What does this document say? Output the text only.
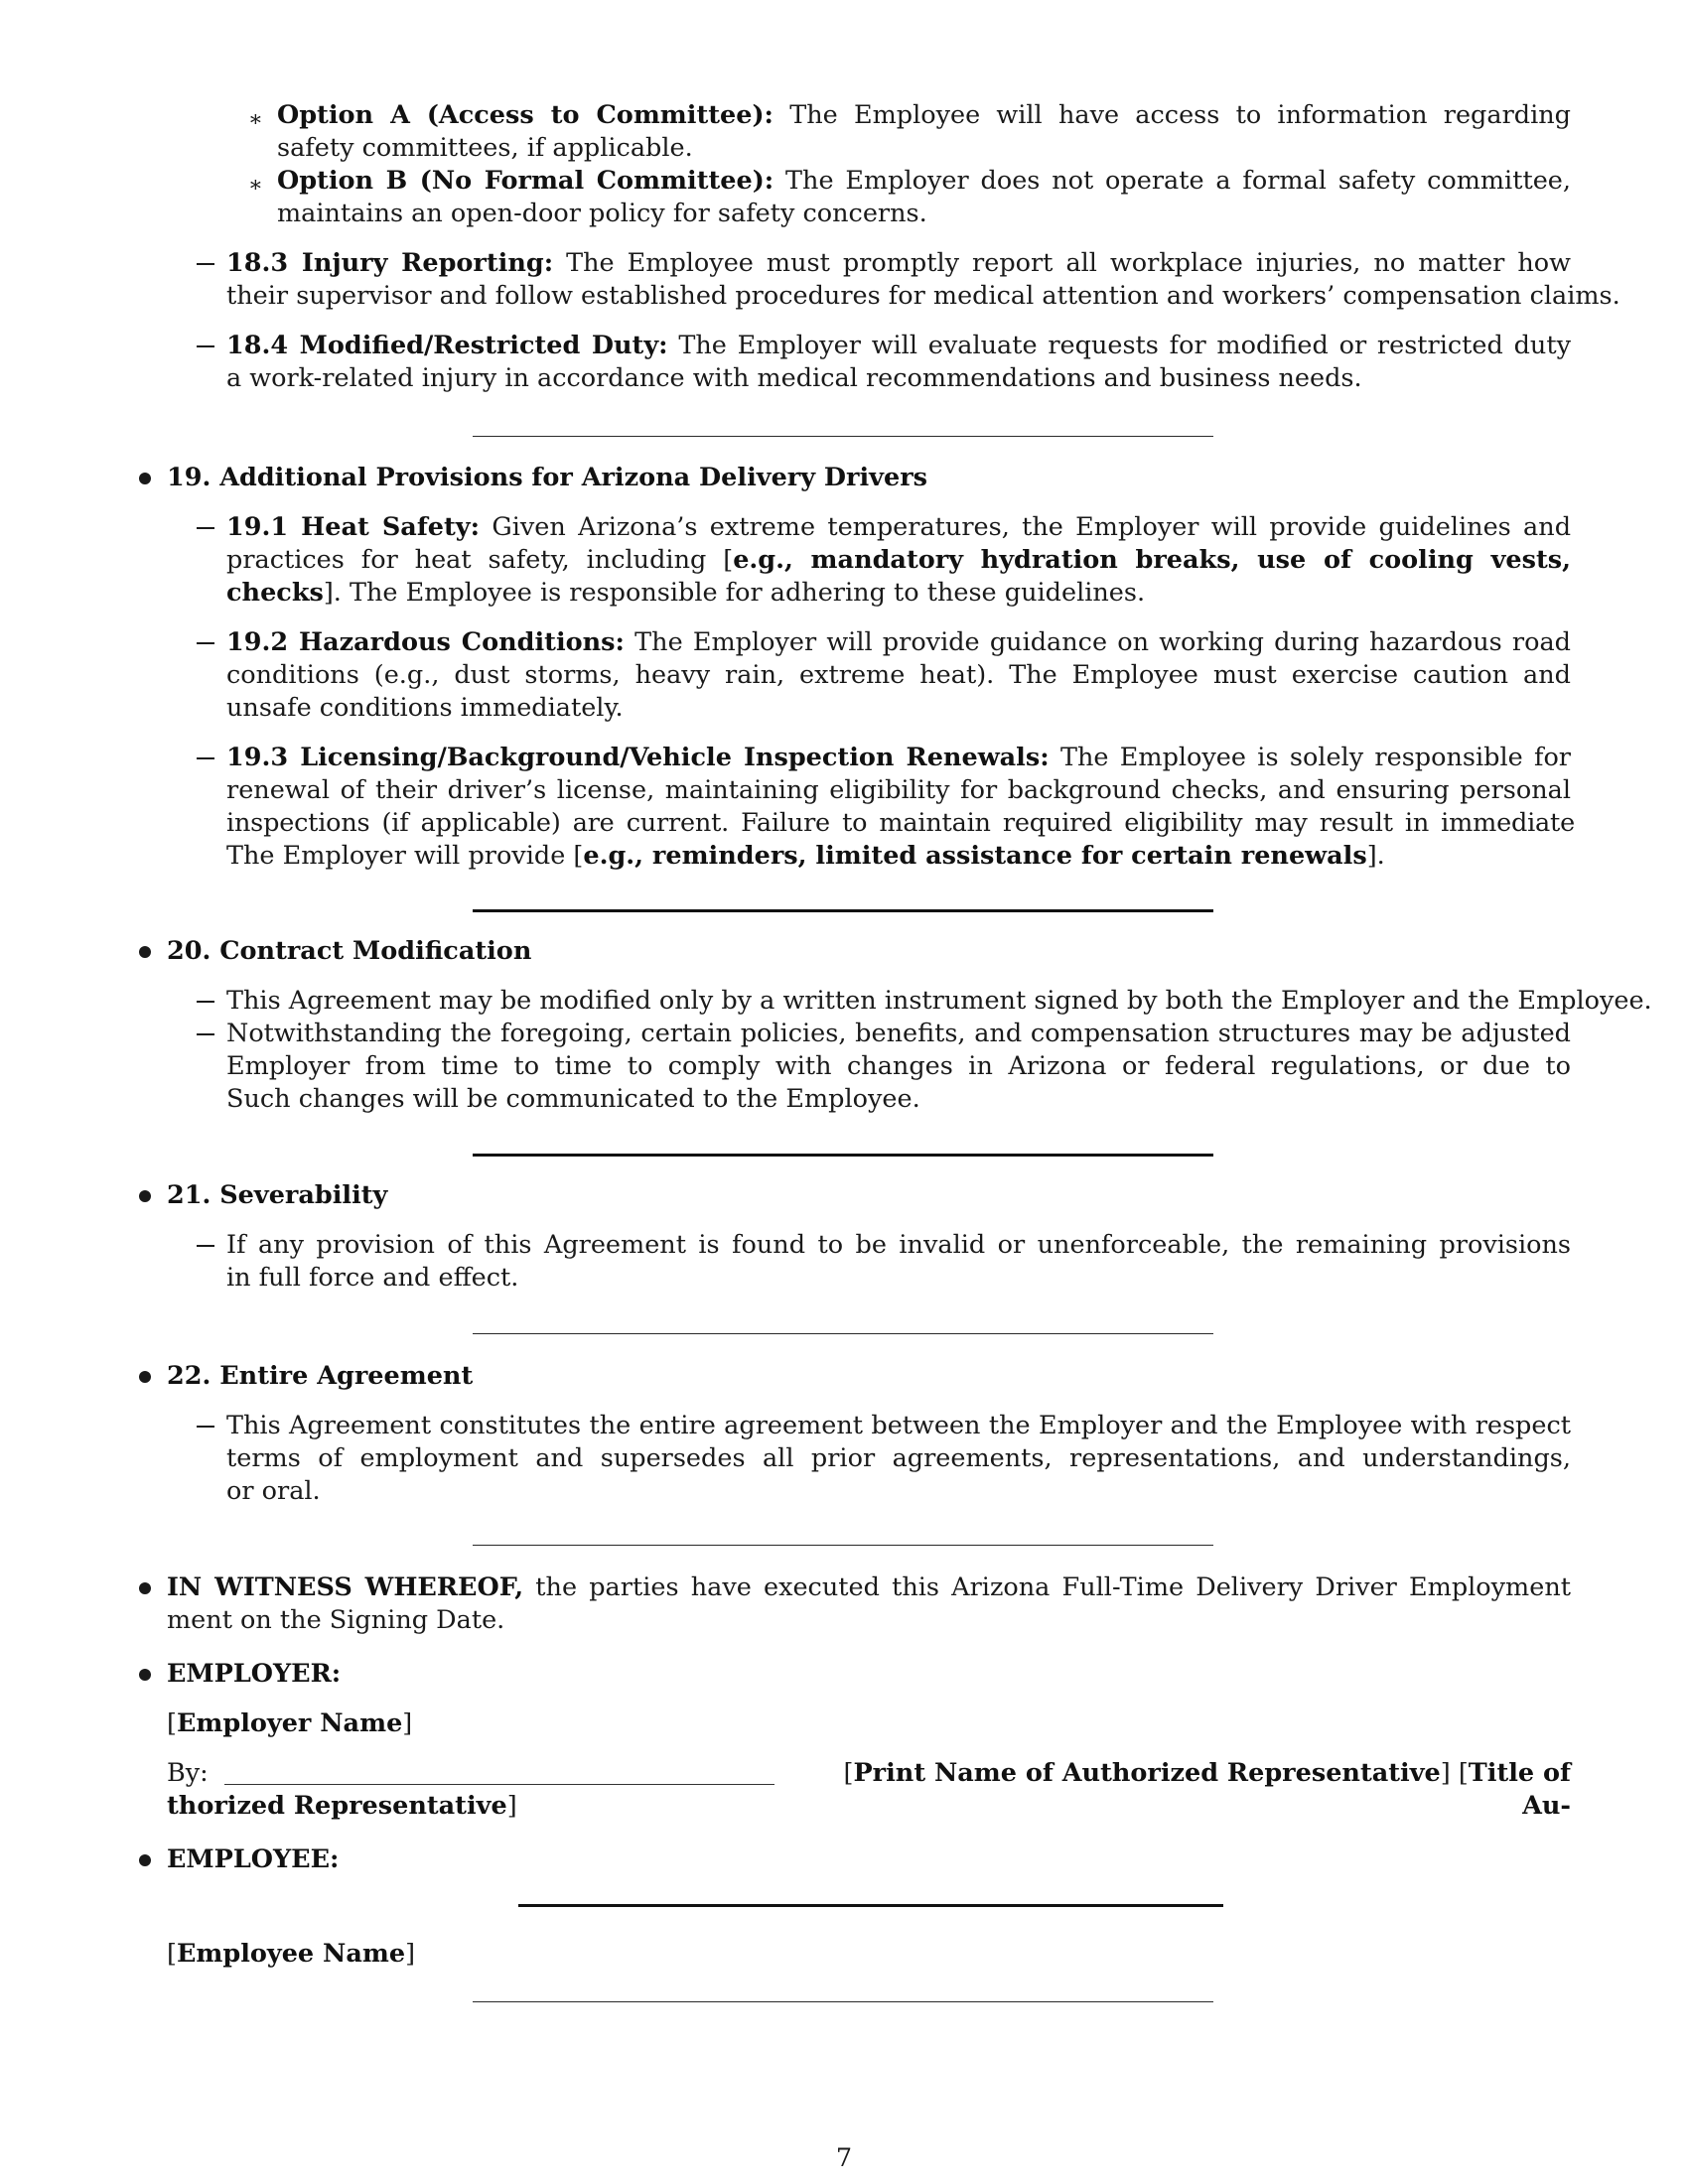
∗ Option A (Access to Committee): The Employee will have access to information regarding

safety committees, if applicable.

∗ Option B (No Formal Committee): The Employer does not operate a formal safety committee,

maintains an open-door policy for safety concerns.

18.3 Injury Reporting: The Employee must promptly report all workplace injuries, no matter how

their supervisor and follow established procedures for medical attention and workers’ compensation claims.

18.4 Modified/Restricted Duty: The Employer will evaluate requests for modified or restricted duty

a work-related injury in accordance with medical recommendations and business needs.

19. Additional Provisions for Arizona Delivery Drivers

19.1 Heat Safety: Given Arizona’s extreme temperatures, the Employer will provide guidelines and

practices for heat safety, including [e.g., mandatory hydration breaks, use of cooling vests,

checks]. The Employee is responsible for adhering to these guidelines.

19.2 Hazardous Conditions: The Employer will provide guidance on working during hazardous road

conditions (e.g., dust storms, heavy rain, extreme heat). The Employee must exercise caution and

unsafe conditions immediately.

19.3 Licensing/Background/Vehicle Inspection Renewals: The Employee is solely responsible for

renewal of their driver’s license, maintaining eligibility for background checks, and ensuring personal

inspections (if applicable) are current. Failure to maintain required eligibility may result in immediate

The Employer will provide [e.g., reminders, limited assistance for certain renewals].

20. Contract Modification

This Agreement may be modified only by a written instrument signed by both the Employer and the Employee.

Notwithstanding the foregoing, certain policies, benefits, and compensation structures may be adjusted

Employer from time to time to comply with changes in Arizona or federal regulations, or due to

Such changes will be communicated to the Employee.

21. Severability

If any provision of this Agreement is found to be invalid or unenforceable, the remaining provisions

in full force and effect.

22. Entire Agreement

This Agreement constitutes the entire agreement between the Employer and the Employee with respect

terms of employment and supersedes all prior agreements, representations, and understandings,

or oral.

IN WITNESS WHEREOF, the parties have executed this Arizona Full-Time Delivery Driver Employment

ment on the Signing Date.

EMPLOYER:

[Employer Name]

By:	[Print Name of Authorized Representative] [Title of Au-

thorized Representative]

EMPLOYEE:

[Employee Name]

7
